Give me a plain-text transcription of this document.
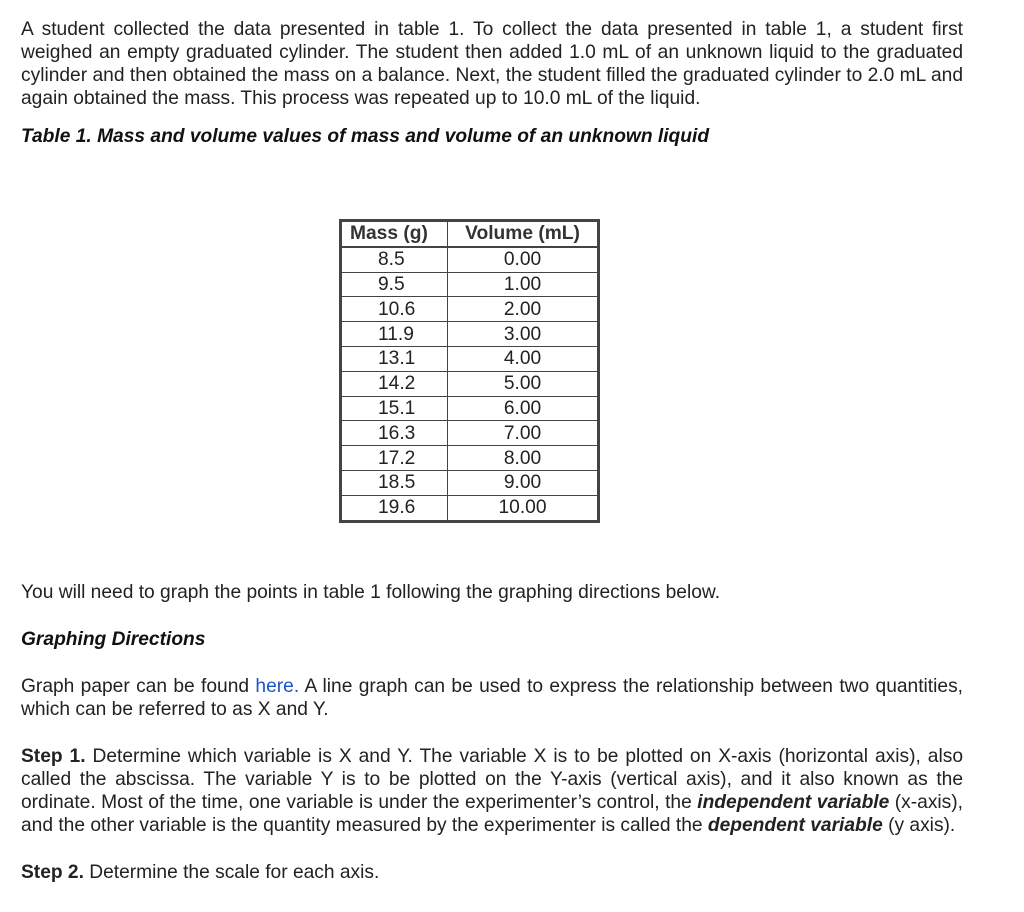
A student collected the data presented in table 1. To collect the data presented in table 1, a student first weighed an empty graduated cylinder. The student then added 1.0 mL of an unknown liquid to the graduated cylinder and then obtained the mass on a balance. Next, the student filled the graduated cylinder to 2.0 mL and again obtained the mass. This process was repeated up to 10.0 mL of the liquid.

Table 1. Mass and volume values of mass and volume of an unknown liquid

Mass (g)	Volume (mL)
8.5	0.00
9.5	1.00
10.6	2.00
11.9	3.00
13.1	4.00
14.2	5.00
15.1	6.00
16.3	7.00
17.2	8.00
18.5	9.00
19.6	10.00

You will need to graph the points in table 1 following the graphing directions below.

Graphing Directions

Graph paper can be found here. A line graph can be used to express the relationship between two quantities, which can be referred to as X and Y.

Step 1. Determine which variable is X and Y. The variable X is to be plotted on X-axis (horizontal axis), also called the abscissa. The variable Y is to be plotted on the Y-axis (vertical axis), and it also known as the ordinate. Most of the time, one variable is under the experimenter’s control, the independent variable (x-axis), and the other variable is the quantity measured by the experimenter is called the dependent variable (y axis).

Step 2. Determine the scale for each axis.
